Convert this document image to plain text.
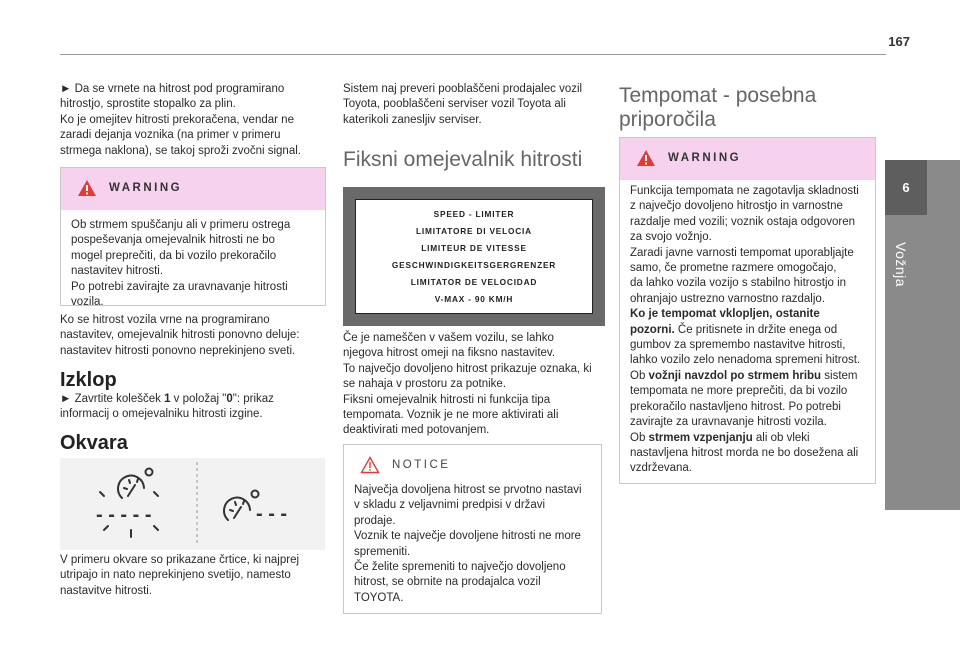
167
6
Vožnja
► Da se vrnete na hitrost pod programirano
hitrostjo, sprostite stopalko za plin.
Ko je omejitev hitrosti prekoračena, vendar ne
zaradi dejanja voznika (na primer v primeru
strmega naklona), se takoj sproži zvočni signal.
WARNING
Ob strmem spuščanju ali v primeru ostrega
pospeševanja omejevalnik hitrosti ne bo
mogel preprečiti, da bi vozilo prekoračilo
nastavitev hitrosti.
Po potrebi zavirajte za uravnavanje hitrosti
vozila.
Ko se hitrost vozila vrne na programirano
nastavitev, omejevalnik hitrosti ponovno deluje:
nastavitev hitrosti ponovno neprekinjeno sveti.
Izklop
► Zavrtite kolešček 1 v položaj "0": prikaz
informacij o omejevalniku hitrosti izgine.
Okvara
- - - - -	- - -
V primeru okvare so prikazane črtice, ki najprej
utripajo in nato neprekinjeno svetijo, namesto
nastavitve hitrosti.
Sistem naj preveri pooblaščeni prodajalec vozil
Toyota, pooblaščeni serviser vozil Toyota ali
katerikoli zanesljiv serviser.
Fiksni omejevalnik hitrosti
SPEED - LIMITER
LIMITATORE DI VELOCIA
LIMITEUR DE VITESSE
GESCHWINDIGKEITSGERGRENZER
LIMITATOR DE VELOCIDAD
V-MAX - 90 KM/H
Če je nameščen v vašem vozilu, se lahko
njegova hitrost omeji na fiksno nastavitev.
To največjo dovoljeno hitrost prikazuje oznaka, ki
se nahaja v prostoru za potnike.
Fiksni omejevalnik hitrosti ni funkcija tipa
tempomata. Voznik je ne more aktivirati ali
deaktivirati med potovanjem.
NOTICE
Največja dovoljena hitrost se prvotno nastavi
v skladu z veljavnimi predpisi v državi
prodaje.
Voznik te največje dovoljene hitrosti ne more
spremeniti.
Če želite spremeniti to največjo dovoljeno
hitrost, se obrnite na prodajalca vozil
TOYOTA.
Tempomat - posebna
priporočila
WARNING
Funkcija tempomata ne zagotavlja skladnosti
z največjo dovoljeno hitrostjo in varnostne
razdalje med vozili; voznik ostaja odgovoren
za svojo vožnjo.
Zaradi javne varnosti tempomat uporabljajte
samo, če prometne razmere omogočajo,
da lahko vozila vozijo s stabilno hitrostjo in
ohranjajo ustrezno varnostno razdaljo.
Ko je tempomat vklopljen, ostanite
pozorni. Če pritisnete in držite enega od
gumbov za spremembo nastavitve hitrosti,
lahko vozilo zelo nenadoma spremeni hitrost.
Ob vožnji navzdol po strmem hribu sistem
tempomata ne more preprečiti, da bi vozilo
prekoračilo nastavljeno hitrost. Po potrebi
zavirajte za uravnavanje hitrosti vozila.
Ob strmem vzpenjanju ali ob vleki
nastavljena hitrost morda ne bo dosežena ali
vzdrževana.
